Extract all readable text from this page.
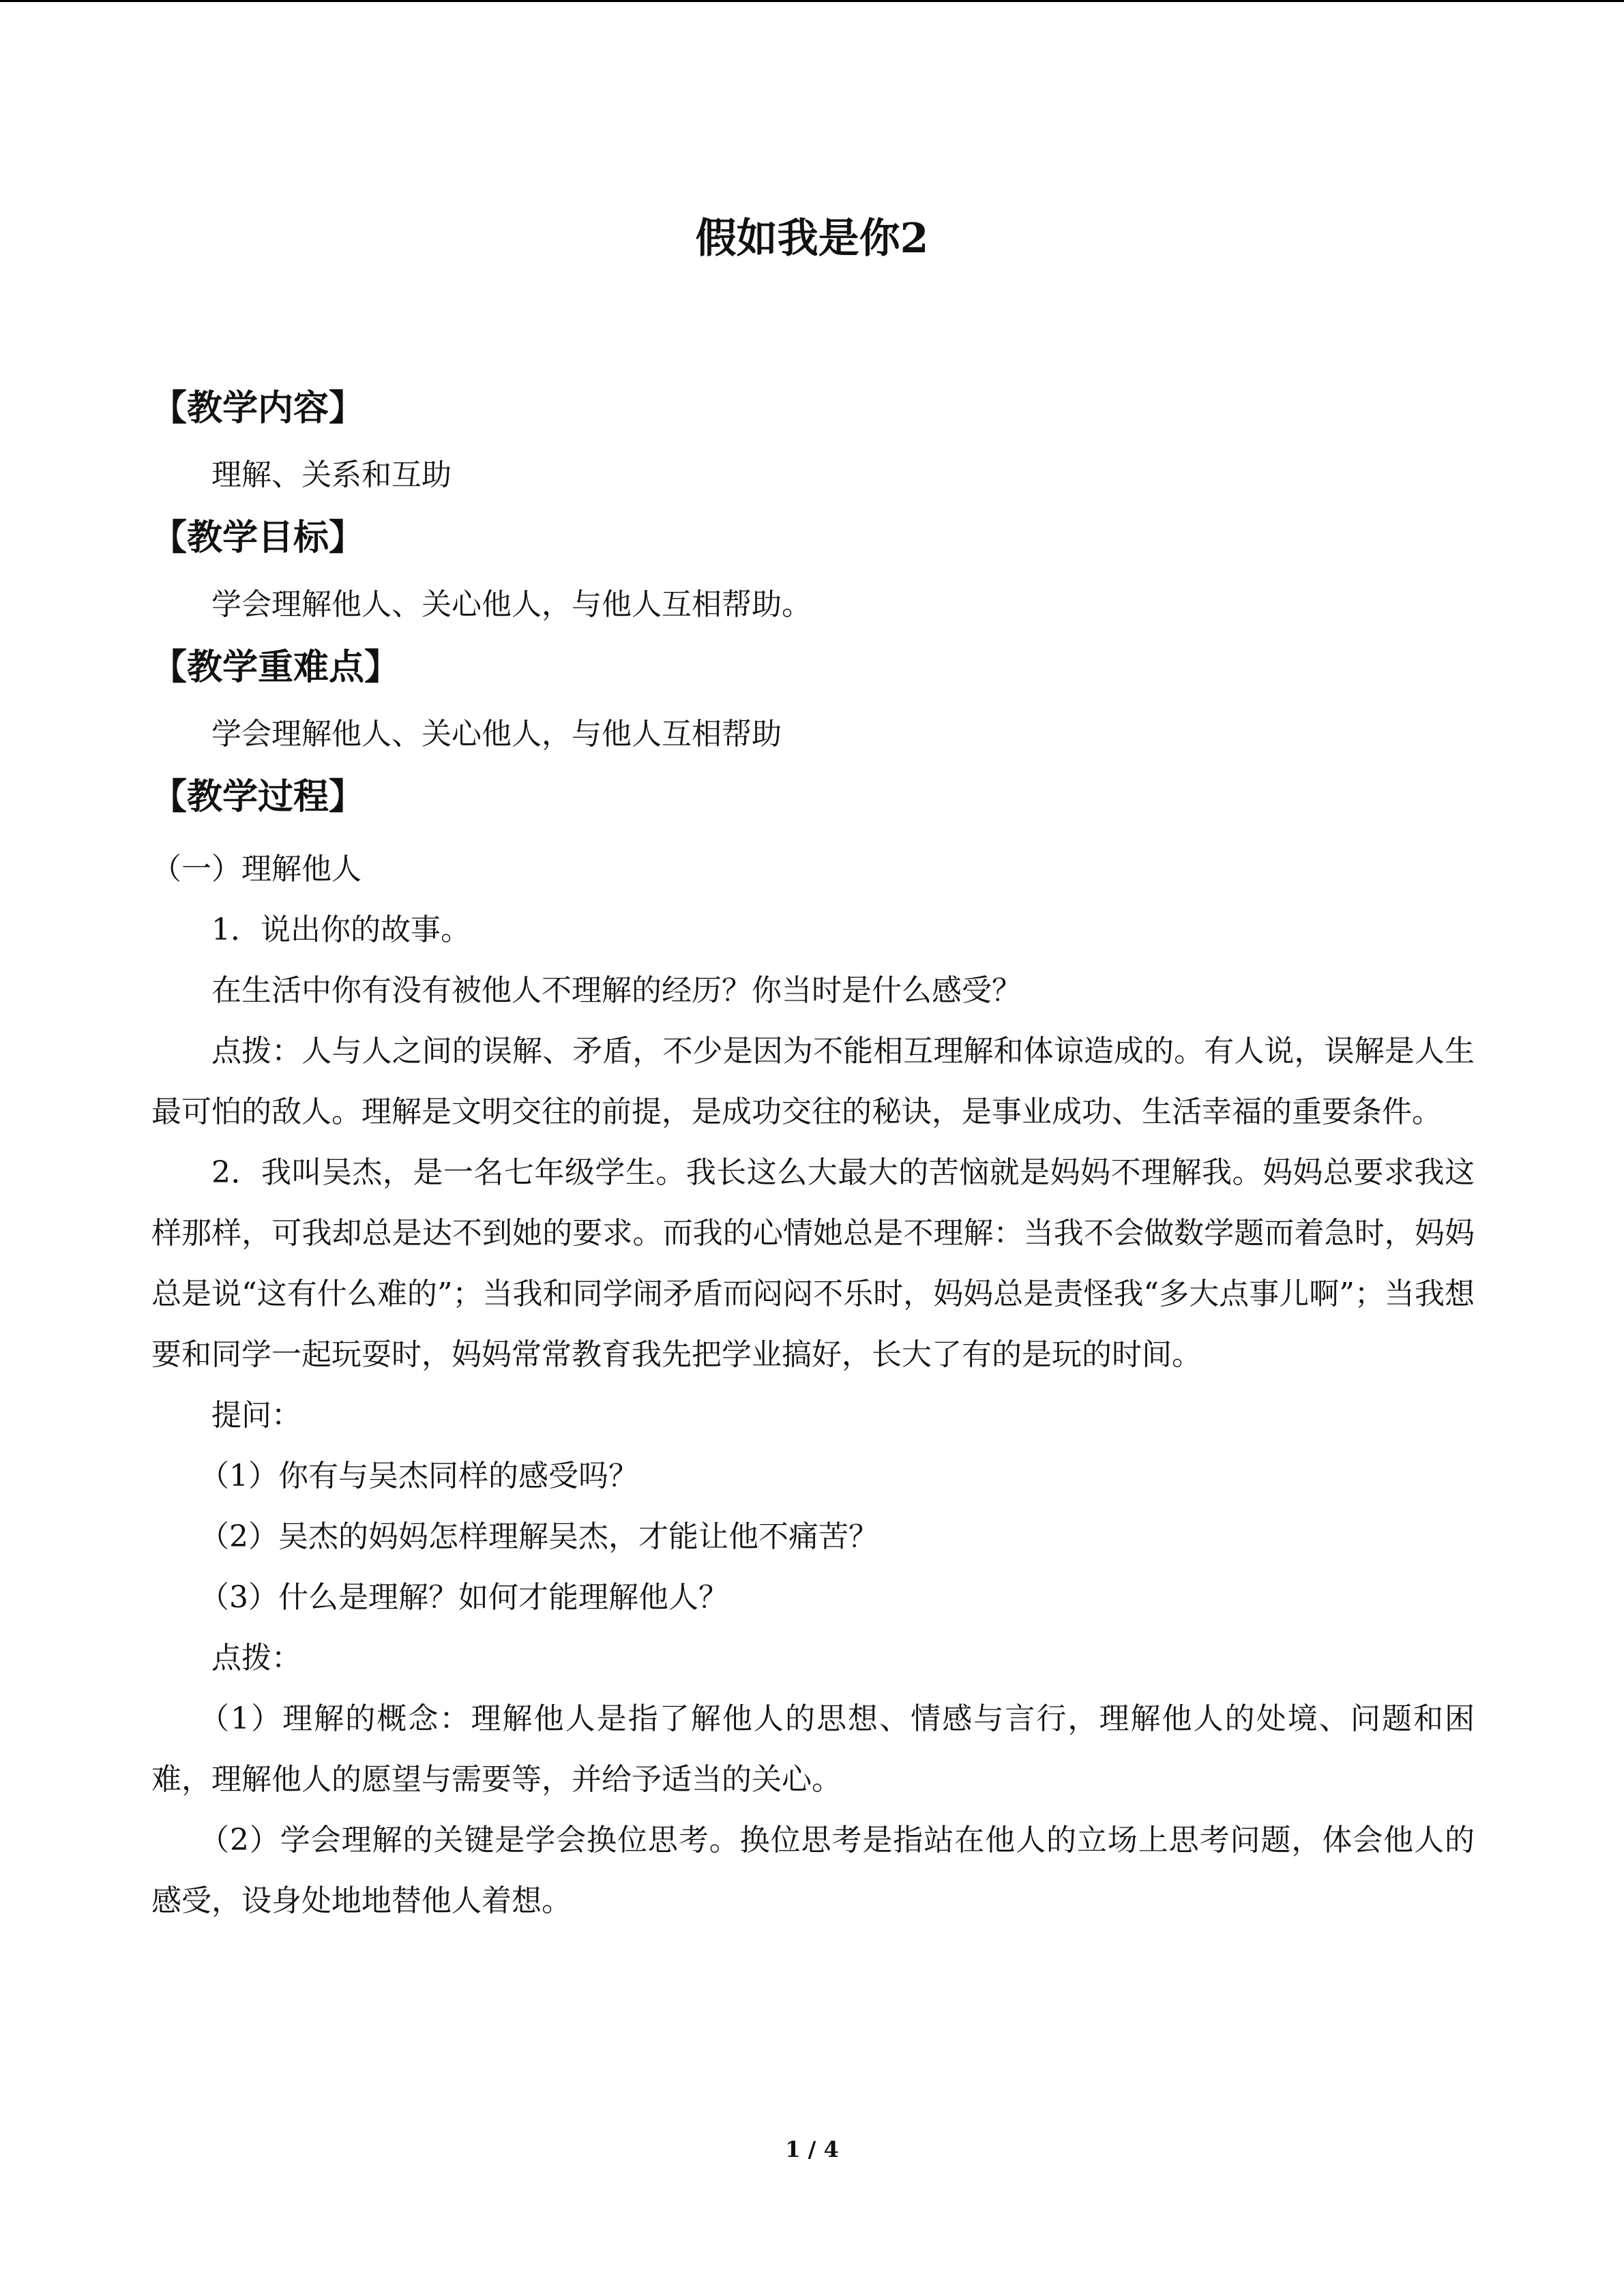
假如我是你2

【教学内容】

理解、关系和互助

【教学目标】

学会理解他人、关心他人，与他人互相帮助。

【教学重难点】

学会理解他人、关心他人，与他人互相帮助

【教学过程】

（一）理解他人

1．说出你的故事。

在生活中你有没有被他人不理解的经历？你当时是什么感受？

点拨：人与人之间的误解、矛盾，不少是因为不能相互理解和体谅造成的。有人说，误解是人生最可怕的敌人。理解是文明交往的前提，是成功交往的秘诀，是事业成功、生活幸福的重要条件。

2．我叫吴杰，是一名七年级学生。我长这么大最大的苦恼就是妈妈不理解我。妈妈总要求我这样那样，可我却总是达不到她的要求。而我的心情她总是不理解：当我不会做数学题而着急时，妈妈总是说“这有什么难的”；当我和同学闹矛盾而闷闷不乐时，妈妈总是责怪我“多大点事儿啊”；当我想要和同学一起玩耍时，妈妈常常教育我先把学业搞好，长大了有的是玩的时间。

提问：

（1）你有与吴杰同样的感受吗？

（2）吴杰的妈妈怎样理解吴杰，才能让他不痛苦？

（3）什么是理解？如何才能理解他人？

点拨：

（1）理解的概念：理解他人是指了解他人的思想、情感与言行，理解他人的处境、问题和困难，理解他人的愿望与需要等，并给予适当的关心。

（2）学会理解的关键是学会换位思考。换位思考是指站在他人的立场上思考问题，体会他人的感受，设身处地地替他人着想。

1 / 4
